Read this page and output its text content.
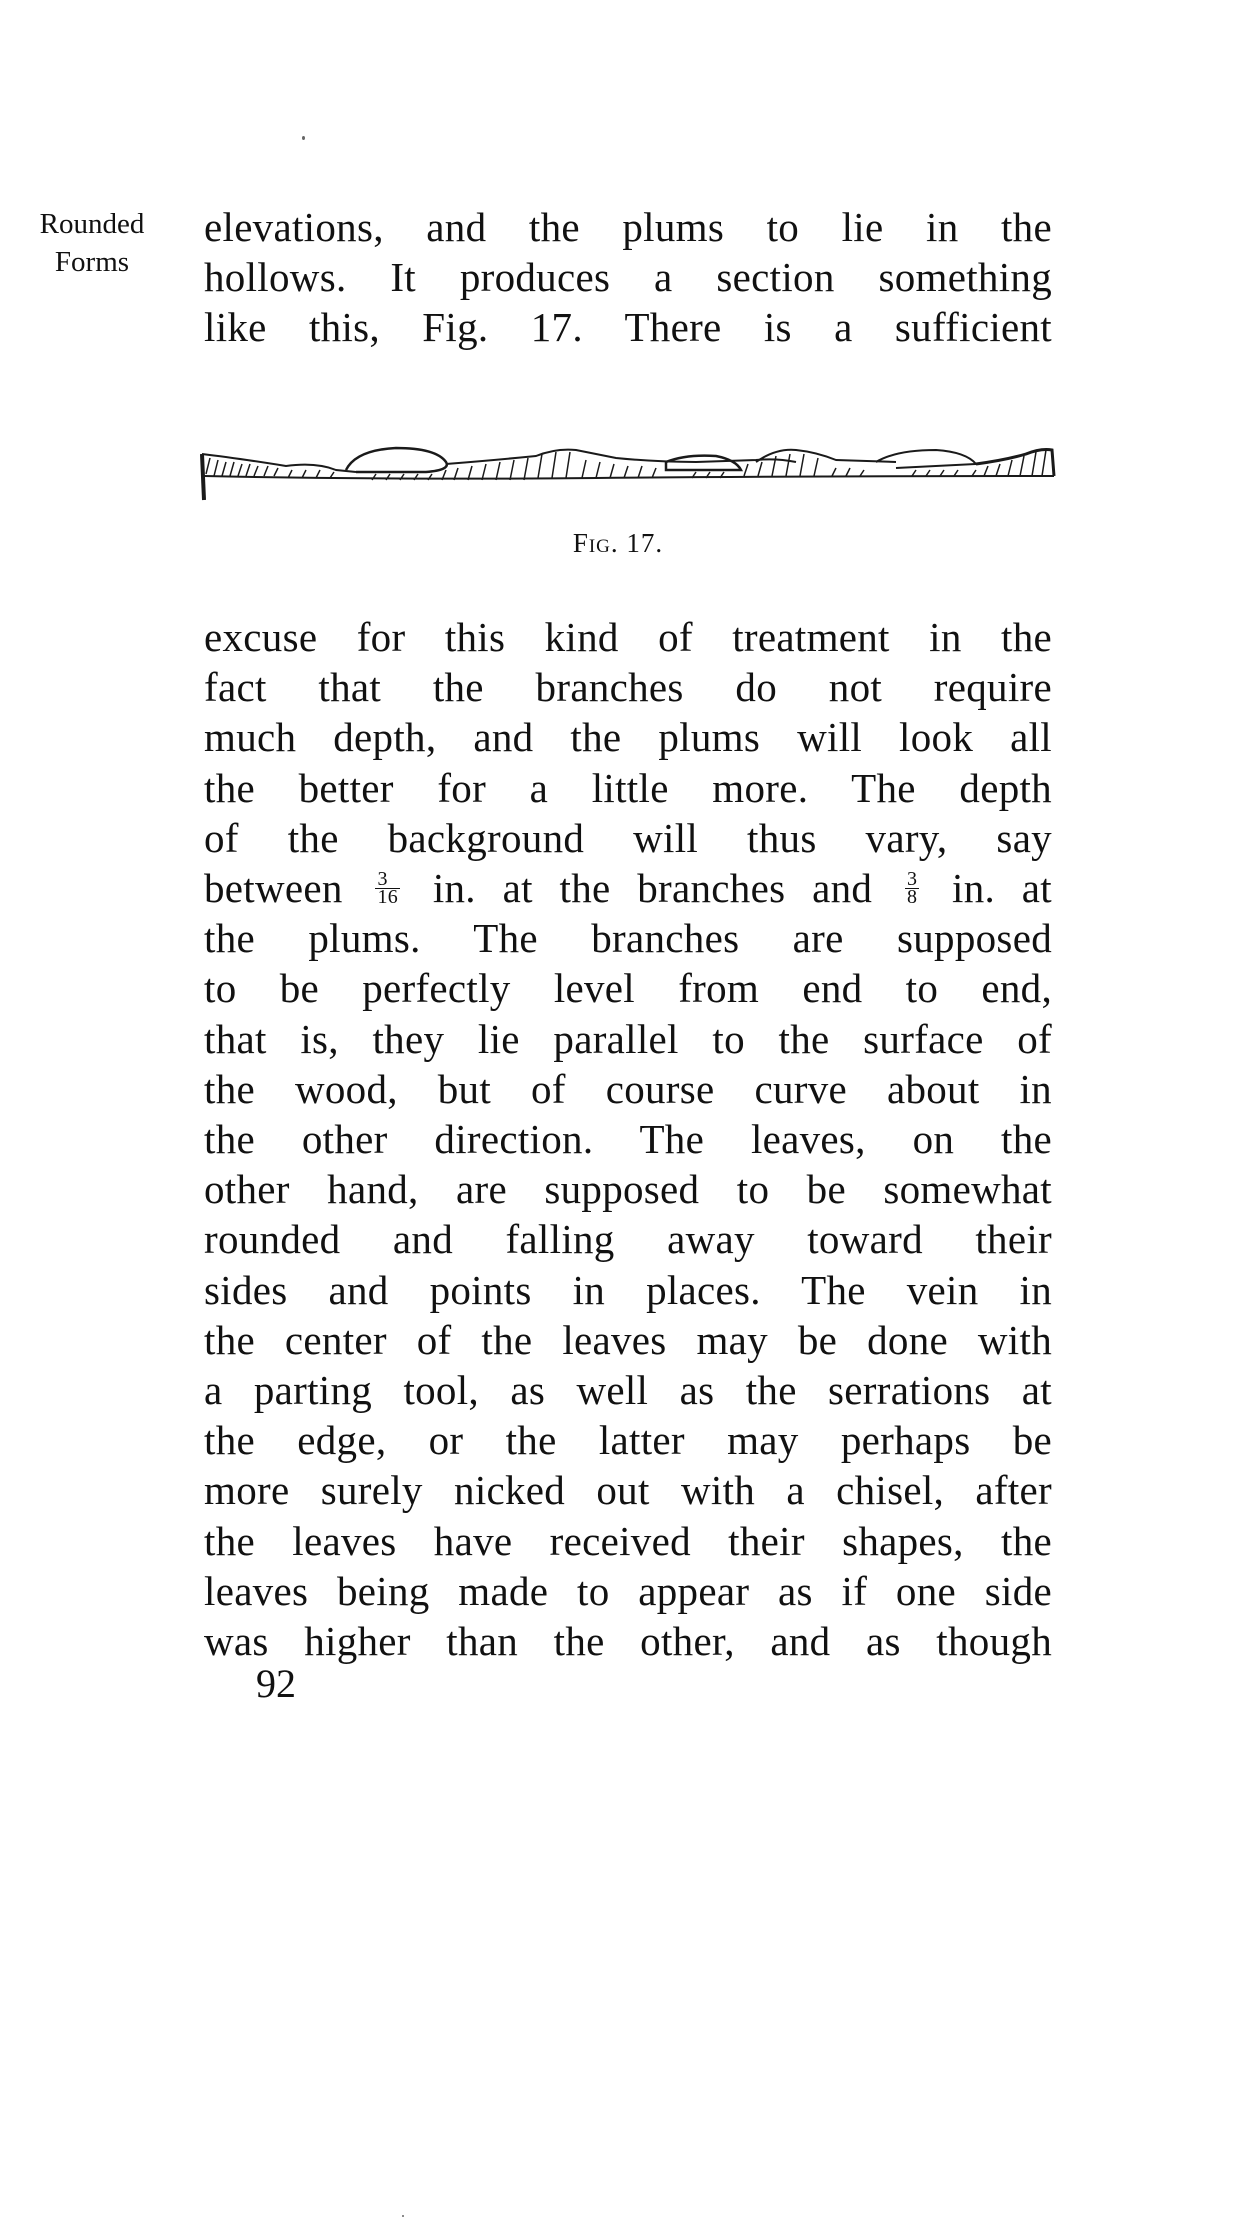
Rounded
Forms
elevations, and the plums to lie in the
hollows. It produces a section something
like this, Fig. 17. There is a sufficient
Fig. 17.
excuse for this kind of treatment in the
fact that the branches do not require
much depth, and the plums will look all
the better for a little more. The depth
of the background will thus vary, say
between $\frac{3}{16}$ in. at the branches and $\frac{3}{8}$ in. at
the plums. The branches are supposed
to be perfectly level from end to end,
that is, they lie parallel to the surface of
the wood, but of course curve about in
the other direction. The leaves, on the
other hand, are supposed to be somewhat
rounded and falling away toward their
sides and points in places. The vein in
the center of the leaves may be done with
a parting tool, as well as the serrations at
the edge, or the latter may perhaps be
more surely nicked out with a chisel, after
the leaves have received their shapes, the
leaves being made to appear as if one side
was higher than the other, and as though
92
